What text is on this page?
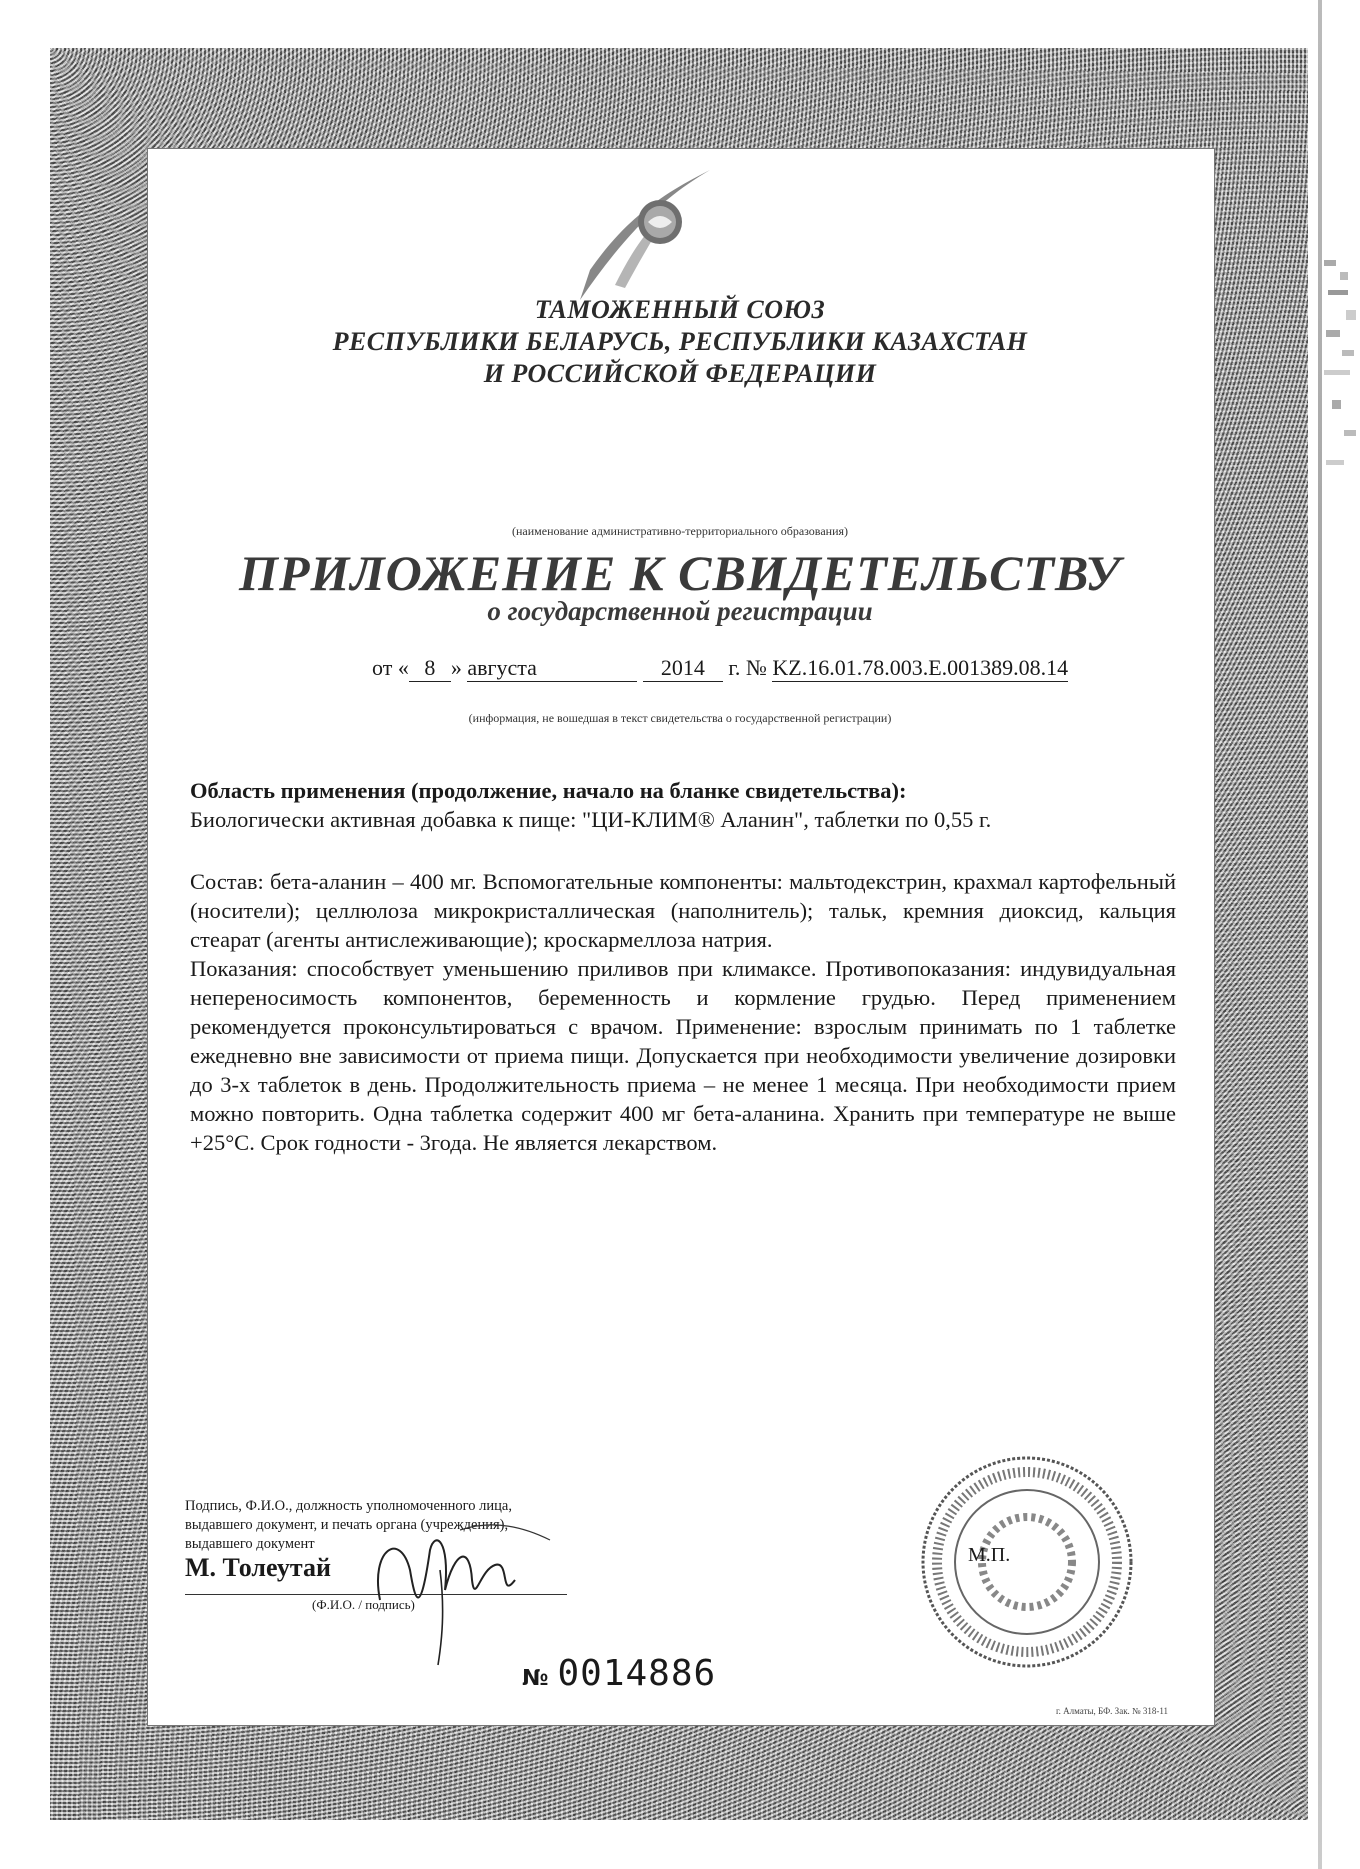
ТАМОЖЕННЫЙ СОЮЗ
РЕСПУБЛИКИ БЕЛАРУСЬ, РЕСПУБЛИКИ КАЗАХСТАН
И РОССИЙСКОЙ ФЕДЕРАЦИИ
(наименование административно-территориального образования)
ПРИЛОЖЕНИЕ К СВИДЕТЕЛЬСТВУ
о государственной регистрации
от « 8 » августа	2014 г. № KZ.16.01.78.003.E.001389.08.14
(информация, не вошедшая в текст свидетельства о государственной регистрации)

Область применения (продолжение, начало на бланке свидетельства):

Биологически активная добавка к пище: "ЦИ-КЛИМ® Аланин", таблетки по 0,55 г.

Состав: бета-аланин – 400 мг. Вспомогательные компоненты: мальтодекстрин, крахмал картофельный (носители); целлюлоза микрокристаллическая (наполнитель); тальк, кремния диоксид, кальция стеарат (агенты антислеживающие); кроскармеллоза натрия.

Показания: способствует уменьшению приливов при климаксе. Противопоказания: индувидуальная непереносимость компонентов, беременность и кормление грудью. Перед применением рекомендуется проконсультироваться с врачом. Применение: взрослым принимать по 1 таблетке ежедневно вне зависимости от приема пищи. Допускается при необходимости увеличение дозировки до 3-х таблеток в день. Продолжительность приема – не менее 1 месяца. При необходимости прием можно повторить. Одна таблетка содержит 400 мг бета-аланина. Хранить при температуре не выше +25°С. Срок годности - 3года. Не является лекарством.

Подпись, Ф.И.О., должность уполномоченного лица,
выдавшего документ, и печать органа (учреждения),
выдавшего документ
М. Толеутай
(Ф.И.О. / подпись)
М.П.
№ 0014886
г. Алматы, БФ. Зак. № 318-11
